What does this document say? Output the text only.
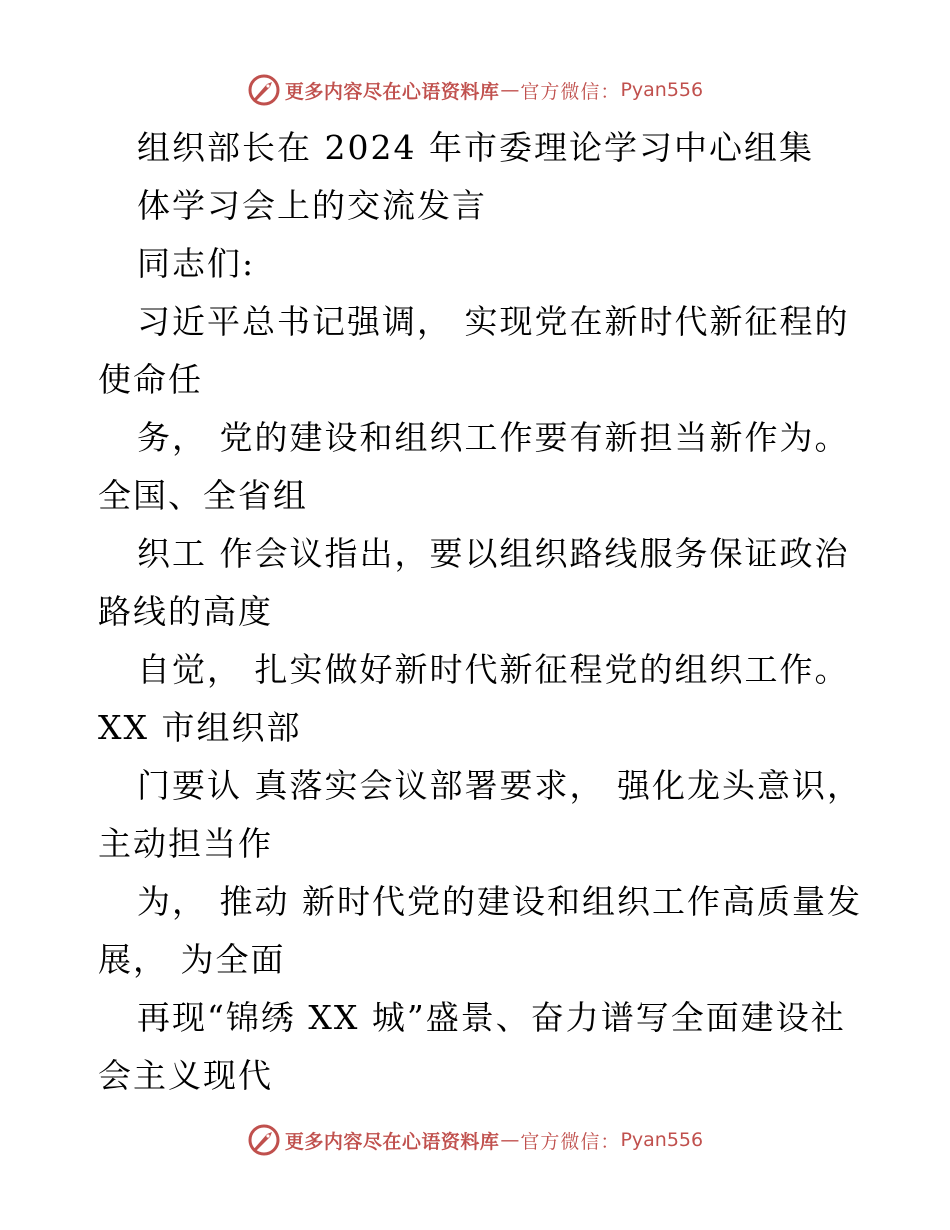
更多内容尽在心语资料库 — 官方微信： Pyan556
组织部长在 2024 年市委理论学习中心组集
体学习会上的交流发言
同志们:
习近平总书记强调， 实现党在新时代新征程的
使命任
务， 党的建设和组织工作要有新担当新作为。
全国、全省组
织工 作会议指出，要以组织路线服务保证政治
路线的高度
自觉， 扎实做好新时代新征程党的组织工作。
XX 市组织部
门要认 真落实会议部署要求， 强化龙头意识，
主动担当作
为， 推动 新时代党的建设和组织工作高质量发
展， 为全面
再现“锦绣 XX 城”盛景、奋力谱写全面建设社
会主义现代
更多内容尽在心语资料库 — 官方微信： Pyan556
